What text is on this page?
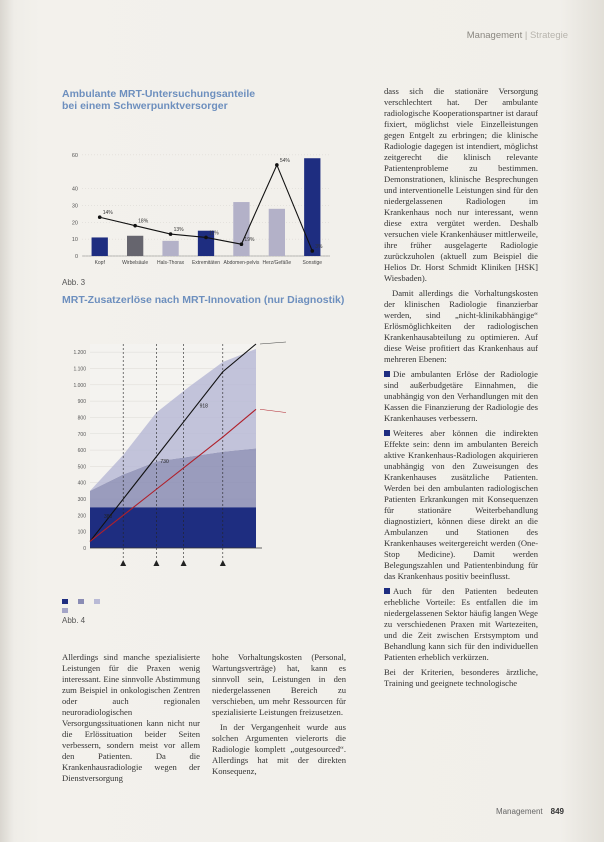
Management | Strategie
Ambulante MRT-Untersuchungsanteile
bei einem Schwerpunktversorger
0
10
20
30
40
60
Kopf	Wirbelsäule Hals-Thorax Extremitäten Abdomen-pelvis Herz/Gefäße Sonstige
14%
18%
13%
11%
19%
54%
3%
Abb. 3
MRT-Zusatzerlöse nach MRT-Innovation (nur Diagnostik)
0
100
200
300
400
500
600
700
800
900
1.000
1.100
1.200
388
730
918
Abb. 4

Allerdings sind manche spezialisierte Leistungen für die Praxen wenig interessant. Eine sinnvolle Abstimmung zum Beispiel in onkologischen Zentren oder auch regionalen neuroradiologischen Versorgungssituationen kann nicht nur die Erlössituation beider Seiten verbessern, sondern meist vor allem den Patienten. Da die Krankenhausradiologie wegen der Dienstversorgung

hohe Vorhaltungskosten (Personal, Wartungsverträge) hat, kann es sinnvoll sein, Leistungen in den niedergelassenen Bereich zu verschieben, um mehr Ressourcen für spezialisierte Leistungen freizusetzen.

In der Vergangenheit wurde aus solchen Argumenten vielerorts die Radiologie komplett „outgesourced“. Allerdings hat mit der direkten Konsequenz,

dass sich die stationäre Versorgung verschlechtert hat. Der ambulante radiologische Kooperationspartner ist darauf fixiert, möglichst viele Einzelleistungen gegen Entgelt zu erbringen; die klinische Radiologie dagegen ist intendiert, möglichst zeitgerecht die klinisch relevante Patientenprobleme zu bestimmen. Demonstrationen, klinische Besprechungen und interventionelle Leistungen sind für den niedergelassenen Radiologen im Krankenhaus noch nur interessant, wenn diese extra vergütet werden. Deshalb versuchen viele Krankenhäuser mittlerweile, ihre früher ausgelagerte Radiologie zurückzuholen (aktuell zum Beispiel die Helios Dr. Horst Schmidt Kliniken [HSK] Wiesbaden).

Damit allerdings die Vorhaltungskosten der klinischen Radiologie finanzierbar werden, sind „nicht-klinikabhängige“ Erlösmöglichkeiten der radiologischen Krankenhausabteilung zu optimieren. Auf diese Weise profitiert das Krankenhaus auf mehreren Ebenen:

Die ambulanten Erlöse der Radiologie sind außerbudgetäre Einnahmen, die unabhängig von den Verhandlungen mit den Kassen die Finanzierung der Radiologie des Krankenhauses verbessern.

Weiteres aber können die indirekten Effekte sein: denn im ambulanten Bereich aktive Krankenhaus-Radiologen akquirieren unabhängig von den Zuweisungen des Krankenhauses zusätzliche Patienten. Werden bei den ambulanten radiologischen Patienten Erkrankungen mit Konsequenzen für stationäre Weiterbehandlung diagnostiziert, können diese direkt an die Ambulanzen und Stationen des Krankenhauses weitergereicht werden (One-Stop Medicine). Damit werden Belegungszahlen und Patientenbindung für das Krankenhaus positiv beeinflusst.

Auch für den Patienten bedeuten erhebliche Vorteile: Es entfallen die im niedergelassenen Sektor häufig langen Wege zu verschiedenen Praxen mit Wartezeiten, und die Zeit zwischen Erstsymptom und Behandlung kann sich für den individuellen Patienten erheblich verkürzen.

Bei der Kriterien, besonderes ärztliche, Training und geeignete technologische

Management 849
